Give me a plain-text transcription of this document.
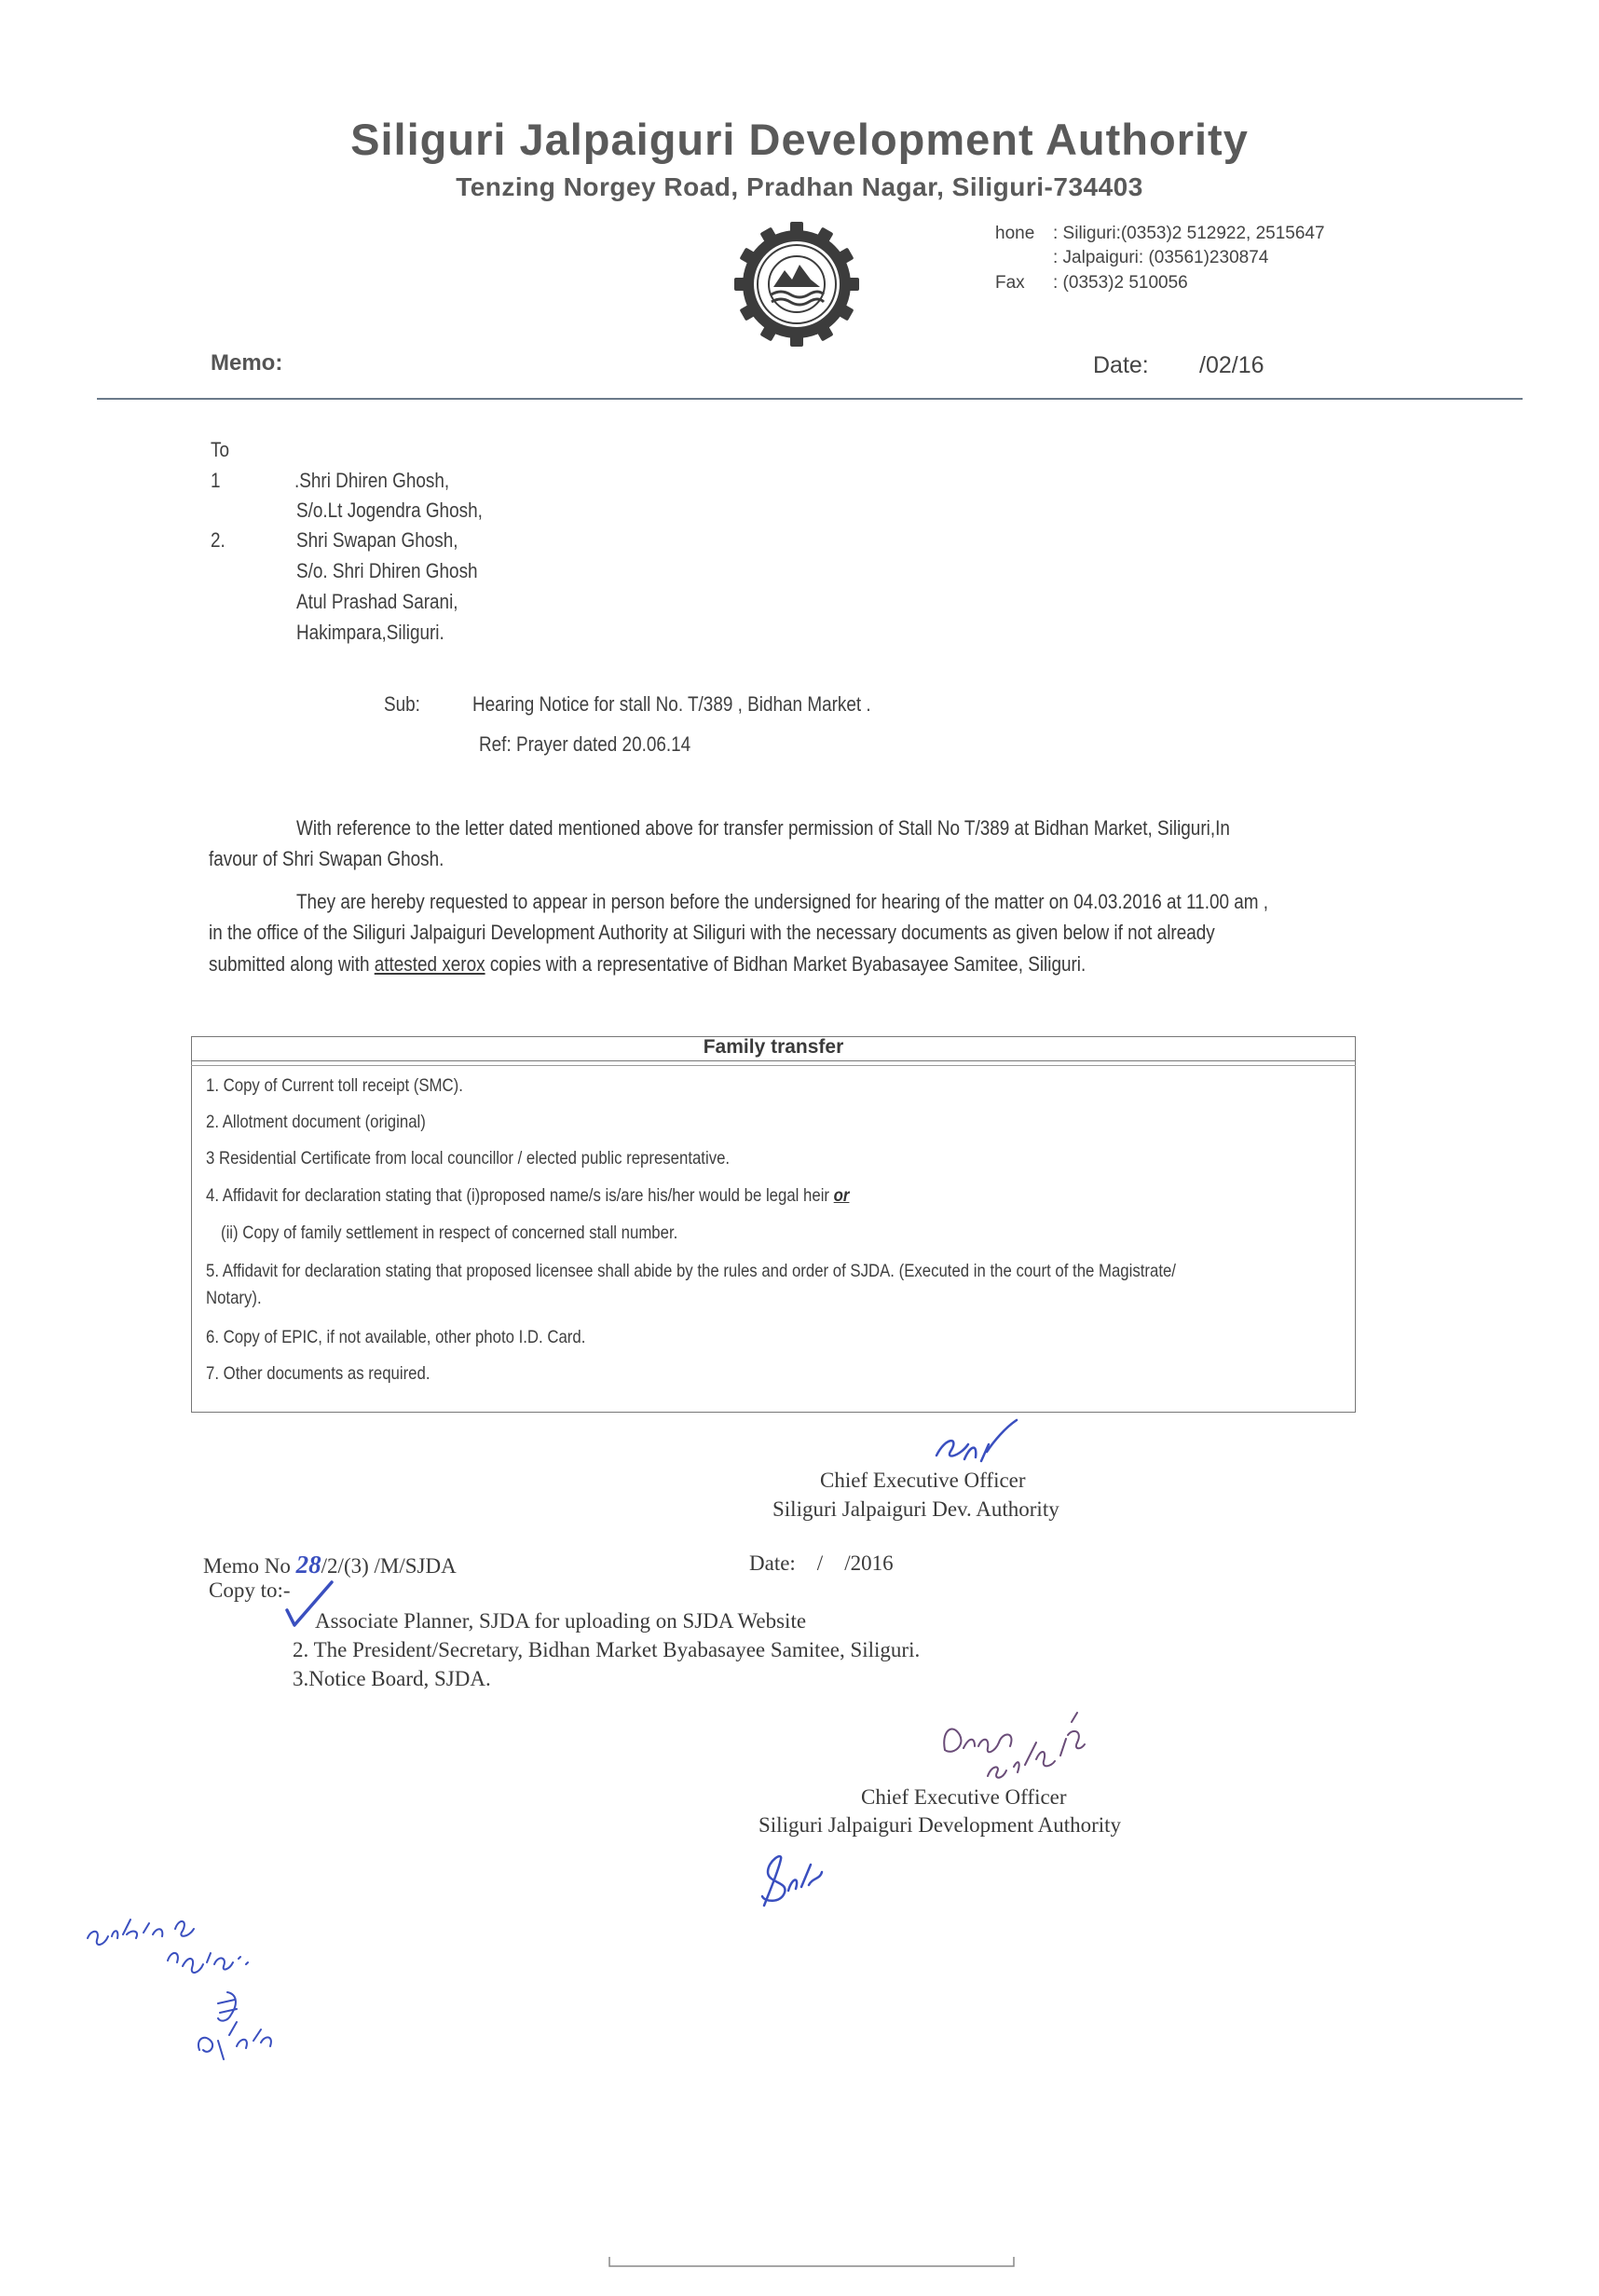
Siliguri Jalpaiguri Development Authority
Tenzing Norgey Road, Pradhan Nagar, Siliguri-734403
hone : Siliguri:(0353)2 512922, 2515647
: Jalpaiguri: (03561)230874
Fax : (0353)2 510056
Memo:	Date: /02/16
To
1	.Shri Dhiren Ghosh,
S/o.Lt Jogendra Ghosh,
2.	Shri Swapan Ghosh,
S/o. Shri Dhiren Ghosh
Atul Prashad Sarani,
Hakimpara,Siliguri.
Sub:	Hearing Notice for stall No. T/389 , Bidhan Market .
Ref: Prayer dated 20.06.14
With reference to the letter dated mentioned above for transfer permission of Stall No T/389 at Bidhan Market, Siliguri,In
favour of Shri Swapan Ghosh.
They are hereby requested to appear in person before the undersigned for hearing of the matter on 04.03.2016 at 11.00 am ,
in the office of the Siliguri Jalpaiguri Development Authority at Siliguri with the necessary documents as given below if not already
submitted along with attested xerox copies with a representative of Bidhan Market Byabasayee Samitee, Siliguri.
Family transfer
1. Copy of Current toll receipt (SMC).
2. Allotment document (original)
3 Residential Certificate from local councillor / elected public representative.
4. Affidavit for declaration stating that (i)proposed name/s is/are his/her would be legal heir or
(ii) Copy of family settlement in respect of concerned stall number.
5. Affidavit for declaration stating that proposed licensee shall abide by the rules and order of SJDA. (Executed in the court of the Magistrate/
Notary).
6. Copy of EPIC, if not available, other photo I.D. Card.
7. Other documents as required.
Chief Executive Officer
Siliguri Jalpaiguri Dev. Authority
Memo No 28/2/(3) /M/SJDA	Date:    /    /2016
Copy to:-
Associate Planner, SJDA for uploading on SJDA Website
2. The President/Secretary, Bidhan Market Byabasayee Samitee, Siliguri.
3.Notice Board, SJDA.
Chief Executive Officer
Siliguri Jalpaiguri Development Authority
